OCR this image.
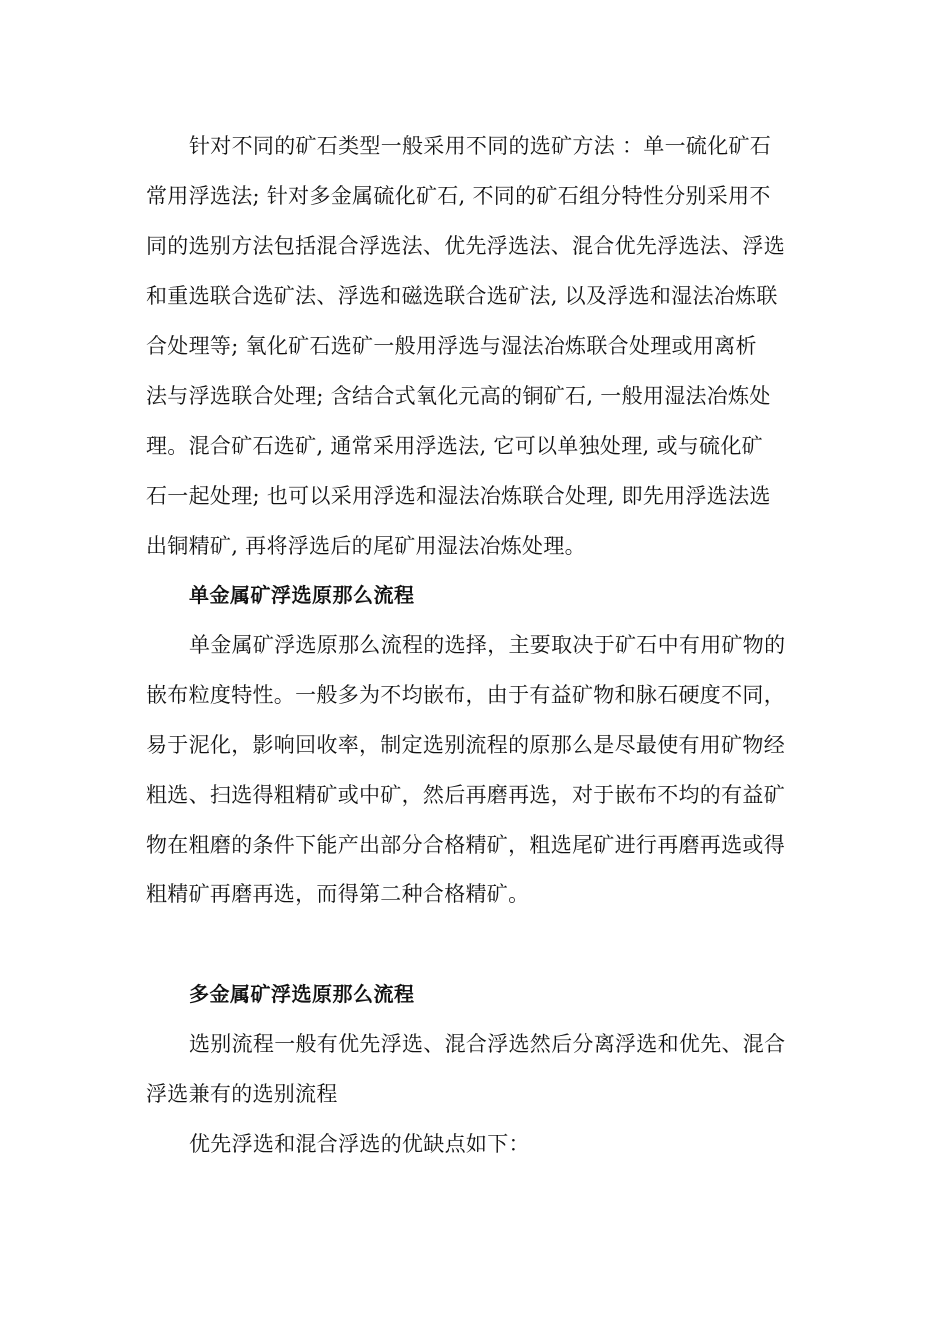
针对不同的矿石类型一般采用不同的选矿方法 ：单一硫化矿石

常用浮选法; 针对多金属硫化矿石, 不同的矿石组分特性分别采用不

同的选别方法包括混合浮选法、优先浮选法、混合优先浮选法、浮选

和重选联合选矿法、浮选和磁选联合选矿法, 以及浮选和湿法冶炼联

合处理等; 氧化矿石选矿一般用浮选与湿法冶炼联合处理或用离析

法与浮选联合处理; 含结合式氧化元高的铜矿石, 一般用湿法冶炼处

理。混合矿石选矿, 通常采用浮选法, 它可以单独处理, 或与硫化矿

石一起处理; 也可以采用浮选和湿法冶炼联合处理, 即先用浮选法选

出铜精矿, 再将浮选后的尾矿用湿法冶炼处理。

单金属矿浮选原那么流程

单金属矿浮选原那么流程的选择，主要取决于矿石中有用矿物的

嵌布粒度特性。一般多为不均嵌布，由于有益矿物和脉石硬度不同，

易于泥化，影响回收率，制定选别流程的原那么是尽最使有用矿物经

粗选、扫选得粗精矿或中矿，然后再磨再选，对于嵌布不均的有益矿

物在粗磨的条件下能产出部分合格精矿，粗选尾矿进行再磨再选或得

粗精矿再磨再选，而得第二种合格精矿。

多金属矿浮选原那么流程

选别流程一般有优先浮选、混合浮选然后分离浮选和优先、混合

浮选兼有的选别流程

优先浮选和混合浮选的优缺点如下：
